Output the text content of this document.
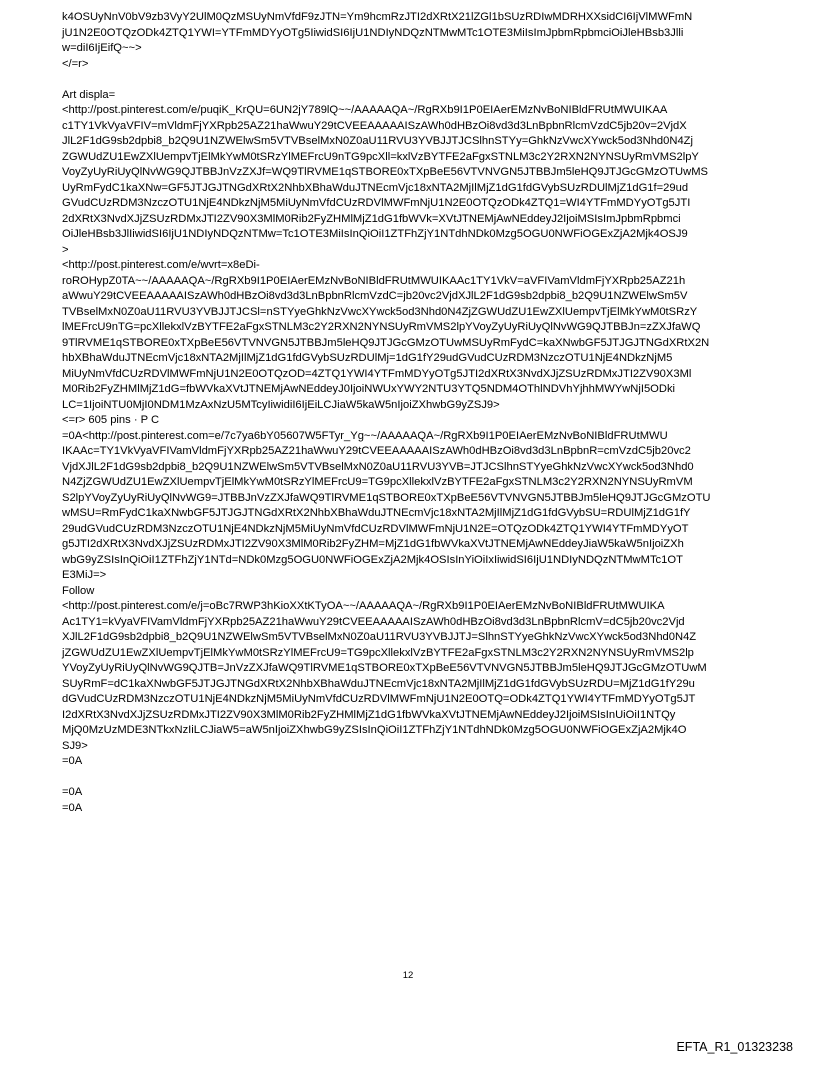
k4OSUyNnV0bV9zb3VyY2UlM0QzMSUyNmVfdF9zJTN=Ym9hcmRzJTI2dXRtX21lZGl1bSUzRDIwMDRHXXsidCI6IjVlMWFmN

jU1N2E0OTQzODk4ZTQ1YWI=YTFmMDYyOTg5IiwidSI6IjU1NDIyNDQzNTMwMTc1OTE3MiIsImJpbmRpbmciOiJleHBsb3Jlli

w=diI6IjEifQ~~>

</=r>

Art displa=

<http://post.pinterest.com/e/puqiK_KrQU=6UN2jY789lQ~~/AAAAAQA~/RgRXb9I1P0EIAerEMzNvBoNIBldFRUtMWUIKAA

c1TY1VkVyaVFIV=mVldmFjYXRpb25AZ21haWwuY29tCVEEAAAAAISzAWh0dHBzOi8vd3d3LnBpbnRlcmVzdC5jb20v=2VjdX

JlL2F1dG9sb2dpbi8_b2Q9U1NZWElwSm5VTVBselMxN0Z0aU11RVU3YVBJJTJCSlhnSTYy=GhkNzVwcXYwck5od3Nhd0N4Zj

ZGWUdZU1EwZXlUempvTjElMkYwM0tSRzYlMEFrcU9nTG9pcXll=kxlVzBYTFE2aFgxSTNLM3c2Y2RXN2NYNSUyRmVMS2lpY

VoyZyUyRiUyQlNvWG9QJTBBJnVzZXJf=WQ9TlRVME1qSTBORE0xTXpBeE56VTVNVGN5JTBBJm5leHQ9JTJGcGMzOTUwMS

UyRmFydC1kaXNw=GF5JTJGJTNGdXRtX2NhbXBhaWduJTNEcmVjc18xNTA2MjIlMjZ1dG1fdGVybSUzRDUlMjZ1dG1f=29ud

GVudCUzRDM3NzczOTU1NjE4NDkzNjM5MiUyNmVfdCUzRDVlMWFmNjU1N2E0OTQzODk4ZTQ1=WI4YTFmMDYyOTg5JTI

2dXRtX3NvdXJjZSUzRDMxJTI2ZV90X3MlM0Rib2FyZHMlMjZ1dG1fbWVk=XVtJTNEMjAwNEddeyJ2IjoiMSIsImJpbmRpbmci

OiJleHBsb3JlIiwidSI6IjU1NDIyNDQzNTMw=Tc1OTE3MiIsInQiOiI1ZTFhZjY1NTdhNDk0Mzg5OGU0NWFiOGExZjA2Mjk4OSJ9

>

<http://post.pinterest.com/e/wvrt=x8eDi-

roROHypZ0TA~~/AAAAAQA~/RgRXb9I1P0EIAerEMzNvBoNIBldFRUtMWUIKAAc1TY1VkV=aVFIVamVldmFjYXRpb25AZ21h

aWwuY29tCVEEAAAAAISzAWh0dHBzOi8vd3d3LnBpbnRlcmVzdC=jb20vc2VjdXJlL2F1dG9sb2dpbi8_b2Q9U1NZWElwSm5V

TVBselMxN0Z0aU11RVU3YVBJJTJCSl=nSTYyeGhkNzVwcXYwck5od3Nhd0N4ZjZGWUdZU1EwZXlUempvTjElMkYwM0tSRzY

lMEFrcU9nTG=pcXllekxlVzBYTFE2aFgxSTNLM3c2Y2RXN2NYNSUyRmVMS2lpYVoyZyUyRiUyQlNvWG9QJTBBJn=zZXJfaWQ

9TlRVME1qSTBORE0xTXpBeE56VTVNVGN5JTBBJm5leHQ9JTJGcGMzOTUwMSUyRmFydC=kaXNwbGF5JTJGJTNGdXRtX2N

hbXBhaWduJTNEcmVjc18xNTA2MjIlMjZ1dG1fdGVybSUzRDUlMj=1dG1fY29udGVudCUzRDM3NzczOTU1NjE4NDkzNjM5

MiUyNmVfdCUzRDVlMWFmNjU1N2E0OTQzOD=4ZTQ1YWI4YTFmMDYyOTg5JTI2dXRtX3NvdXJjZSUzRDMxJTI2ZV90X3Ml

M0Rib2FyZHMlMjZ1dG=fbWVkaXVtJTNEMjAwNEddeyJ0IjoiNWUxYWY2NTU3YTQ5NDM4OThlNDVhYjhhMWYwNjI5ODki

LC=1IjoiNTU0MjI0NDM1MzAxNzU5MTcyIiwidiI6IjEiLCJiaW5kaW5nIjoiZXhwbG9yZSJ9>

<=r> 605 pins · P C

=0A<http://post.pinterest.com=e/7c7ya6bY05607W5FTyr_Yg~~/AAAAAQA~/RgRXb9I1P0EIAerEMzNvBoNIBldFRUtMWU

IKAAc=TY1VkVyaVFIVamVldmFjYXRpb25AZ21haWwuY29tCVEEAAAAAISzAWh0dHBzOi8vd3d3LnBpbnR=cmVzdC5jb20vc2

VjdXJlL2F1dG9sb2dpbi8_b2Q9U1NZWElwSm5VTVBselMxN0Z0aU11RVU3YVB=JTJCSlhnSTYyeGhkNzVwcXYwck5od3Nhd0

N4ZjZGWUdZU1EwZXlUempvTjElMkYwM0tSRzYlMEFrcU9=TG9pcXllekxlVzBYTFE2aFgxSTNLM3c2Y2RXN2NYNSUyRmVM

S2lpYVoyZyUyRiUyQlNvWG9=JTBBJnVzZXJfaWQ9TlRVME1qSTBORE0xTXpBeE56VTVNVGN5JTBBJm5leHQ9JTJGcGMzOTU

wMSU=RmFydC1kaXNwbGF5JTJGJTNGdXRtX2NhbXBhaWduJTNEcmVjc18xNTA2MjIlMjZ1dG1fdGVybSU=RDUlMjZ1dG1fY

29udGVudCUzRDM3NzczOTU1NjE4NDkzNjM5MiUyNmVfdCUzRDVlMWFmNjU1N2E=OTQzODk4ZTQ1YWI4YTFmMDYyOT

g5JTI2dXRtX3NvdXJjZSUzRDMxJTI2ZV90X3MlM0Rib2FyZHM=MjZ1dG1fbWVkaXVtJTNEMjAwNEddeyJiaW5kaW5nIjoiZXh

wbG9yZSIsInQiOiI1ZTFhZjY1NTd=NDk0Mzg5OGU0NWFiOGExZjA2Mjk4OSIsInYiOiIxIiwidSI6IjU1NDIyNDQzNTMwMTc1OT

E3MiJ=>

Follow

<http://post.pinterest.com/e/j=oBc7RWP3hKioXXtKTyOA~~/AAAAAQA~/RgRXb9I1P0EIAerEMzNvBoNIBldFRUtMWUIKA

Ac1TY1=kVyaVFIVamVldmFjYXRpb25AZ21haWwuY29tCVEEAAAAAISzAWh0dHBzOi8vd3d3LnBpbnRlcmV=dC5jb20vc2Vjd

XJlL2F1dG9sb2dpbi8_b2Q9U1NZWElwSm5VTVBselMxN0Z0aU11RVU3YVBJJTJ=SlhnSTYyeGhkNzVwcXYwck5od3Nhd0N4Z

jZGWUdZU1EwZXlUempvTjElMkYwM0tSRzYlMEFrcU9=TG9pcXllekxlVzBYTFE2aFgxSTNLM3c2Y2RXN2NYNSUyRmVMS2lp

YVoyZyUyRiUyQlNvWG9QJTB=JnVzZXJfaWQ9TlRVME1qSTBORE0xTXpBeE56VTVNVGN5JTBBJm5leHQ9JTJGcGMzOTUwM

SUyRmF=dC1kaXNwbGF5JTJGJTNGdXRtX2NhbXBhaWduJTNEcmVjc18xNTA2MjIlMjZ1dG1fdGVybSUzRDU=MjZ1dG1fY29u

dGVudCUzRDM3NzczOTU1NjE4NDkzNjM5MiUyNmVfdCUzRDVlMWFmNjU1N2E0OTQ=ODk4ZTQ1YWI4YTFmMDYyOTg5JT

I2dXRtX3NvdXJjZSUzRDMxJTI2ZV90X3MlM0Rib2FyZHMlMjZ1dG1fbWVkaXVtJTNEMjAwNEddeyJ2IjoiMSIsInUiOiI1NTQy

MjQ0MzUzMDE3NTkxNzIiLCJiaW5=aW5nIjoiZXhwbG9yZSIsInQiOiI1ZTFhZjY1NTdhNDk0Mzg5OGU0NWFiOGExZjA2Mjk4O

SJ9>

=0A

=0A

=0A

12
EFTA_R1_01323238
